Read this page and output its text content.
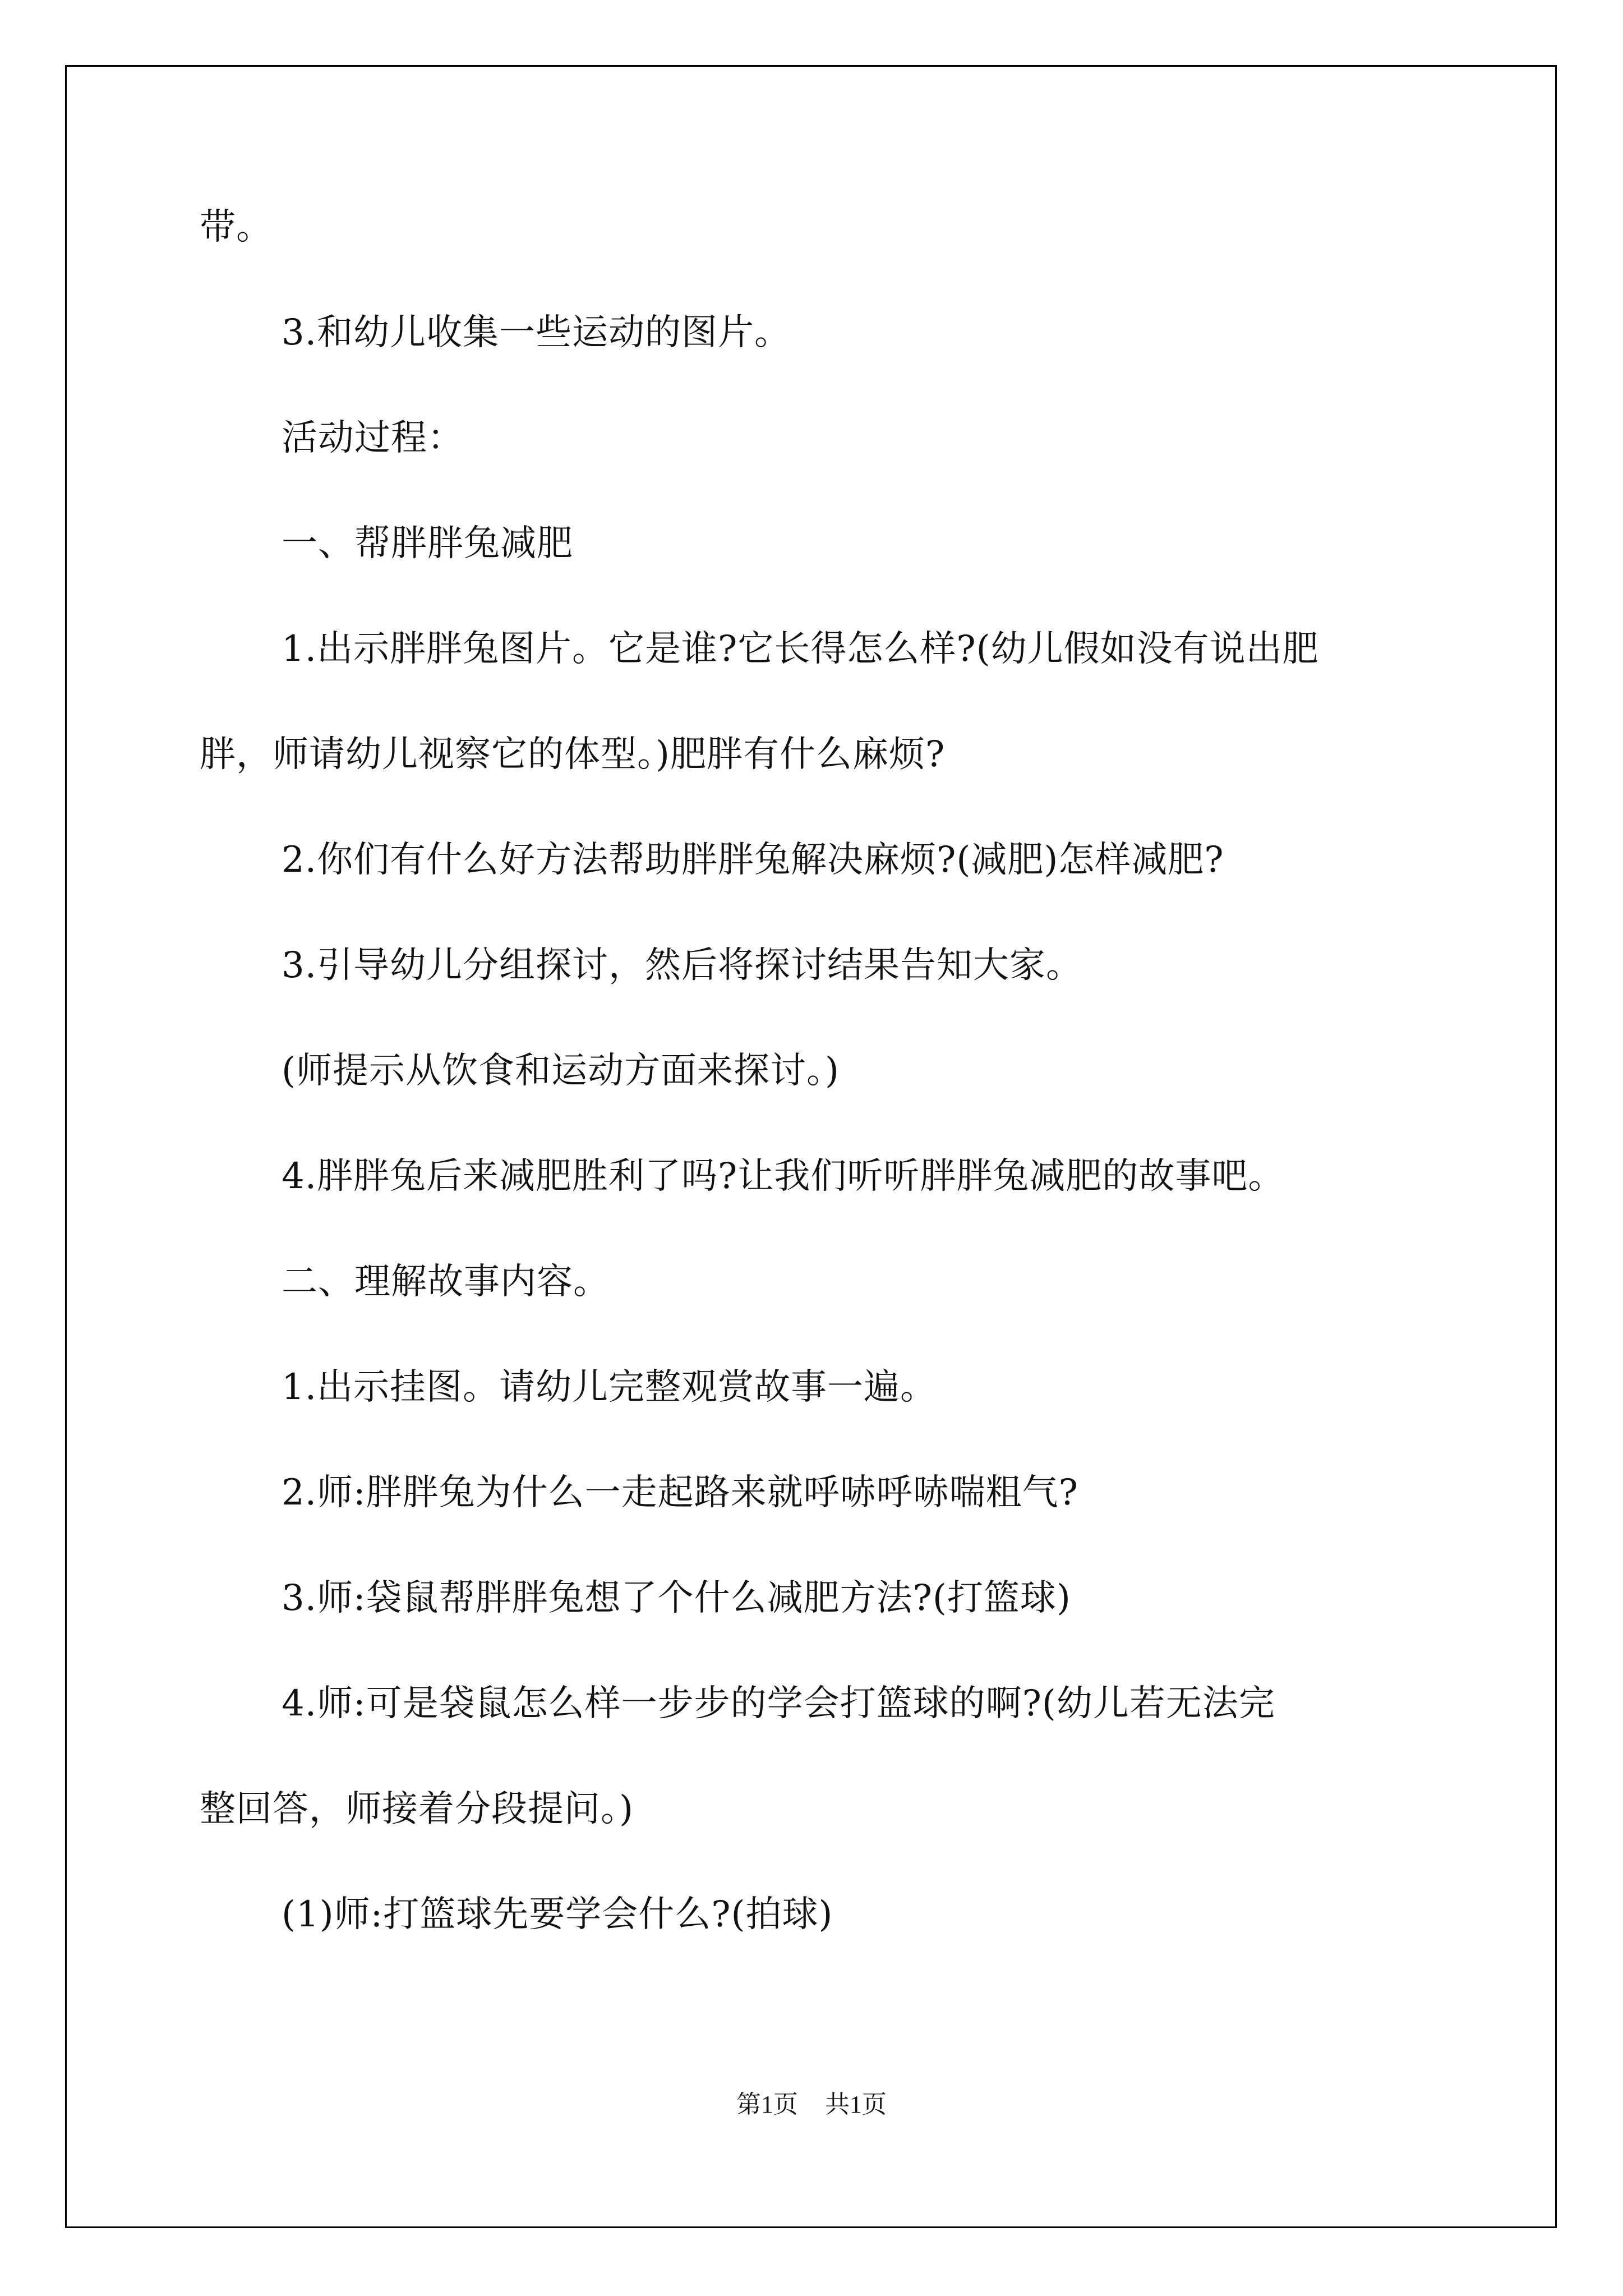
带。

3.和幼儿收集一些运动的图片。

活动过程：

一、帮胖胖兔减肥

1.出示胖胖兔图片。它是谁?它长得怎么样?(幼儿假如没有说出肥

胖，师请幼儿视察它的体型。)肥胖有什么麻烦?

2.你们有什么好方法帮助胖胖兔解决麻烦?(减肥)怎样减肥?

3.引导幼儿分组探讨，然后将探讨结果告知大家。

(师提示从饮食和运动方面来探讨。)

4.胖胖兔后来减肥胜利了吗?让我们听听胖胖兔减肥的故事吧。

二、理解故事内容。

1.出示挂图。请幼儿完整观赏故事一遍。

2.师:胖胖兔为什么一走起路来就呼哧呼哧喘粗气?

3.师:袋鼠帮胖胖兔想了个什么减肥方法?(打篮球)

4.师:可是袋鼠怎么样一步步的学会打篮球的啊?(幼儿若无法完

整回答，师接着分段提问。)

(1)师:打篮球先要学会什么?(拍球)

第1页 共1页
